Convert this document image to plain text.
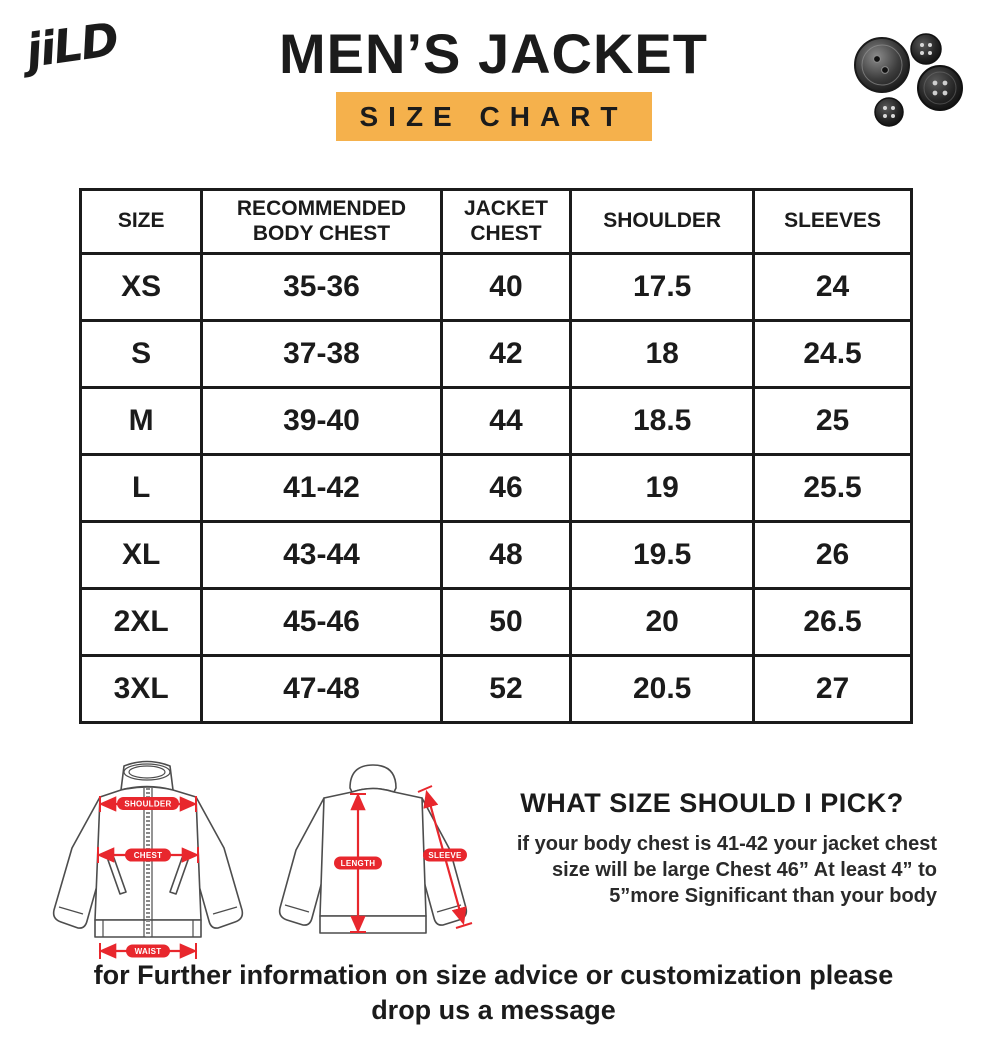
jiLD	MEN’S JACKET
SIZE CHART
SIZE	RECOMMENDED BODY CHEST	JACKET CHEST	SHOULDER	SLEEVES
XS	35-36	40	17.5	24
S	37-38	42	18	24.5
M	39-40	44	18.5	25
L	41-42	46	19	25.5
XL	43-44	48	19.5	26
2XL	45-46	50	20	26.5
3XL	47-48	52	20.5	27
SHOULDER
CHEST
WAIST
LENGTH
SLEEVE
WHAT SIZE SHOULD I PICK?
if your body chest is 41-42 your jacket chest size will be large Chest 46” At least 4” to 5”more Significant than your body

for Further information on size advice or customization please drop us a message
